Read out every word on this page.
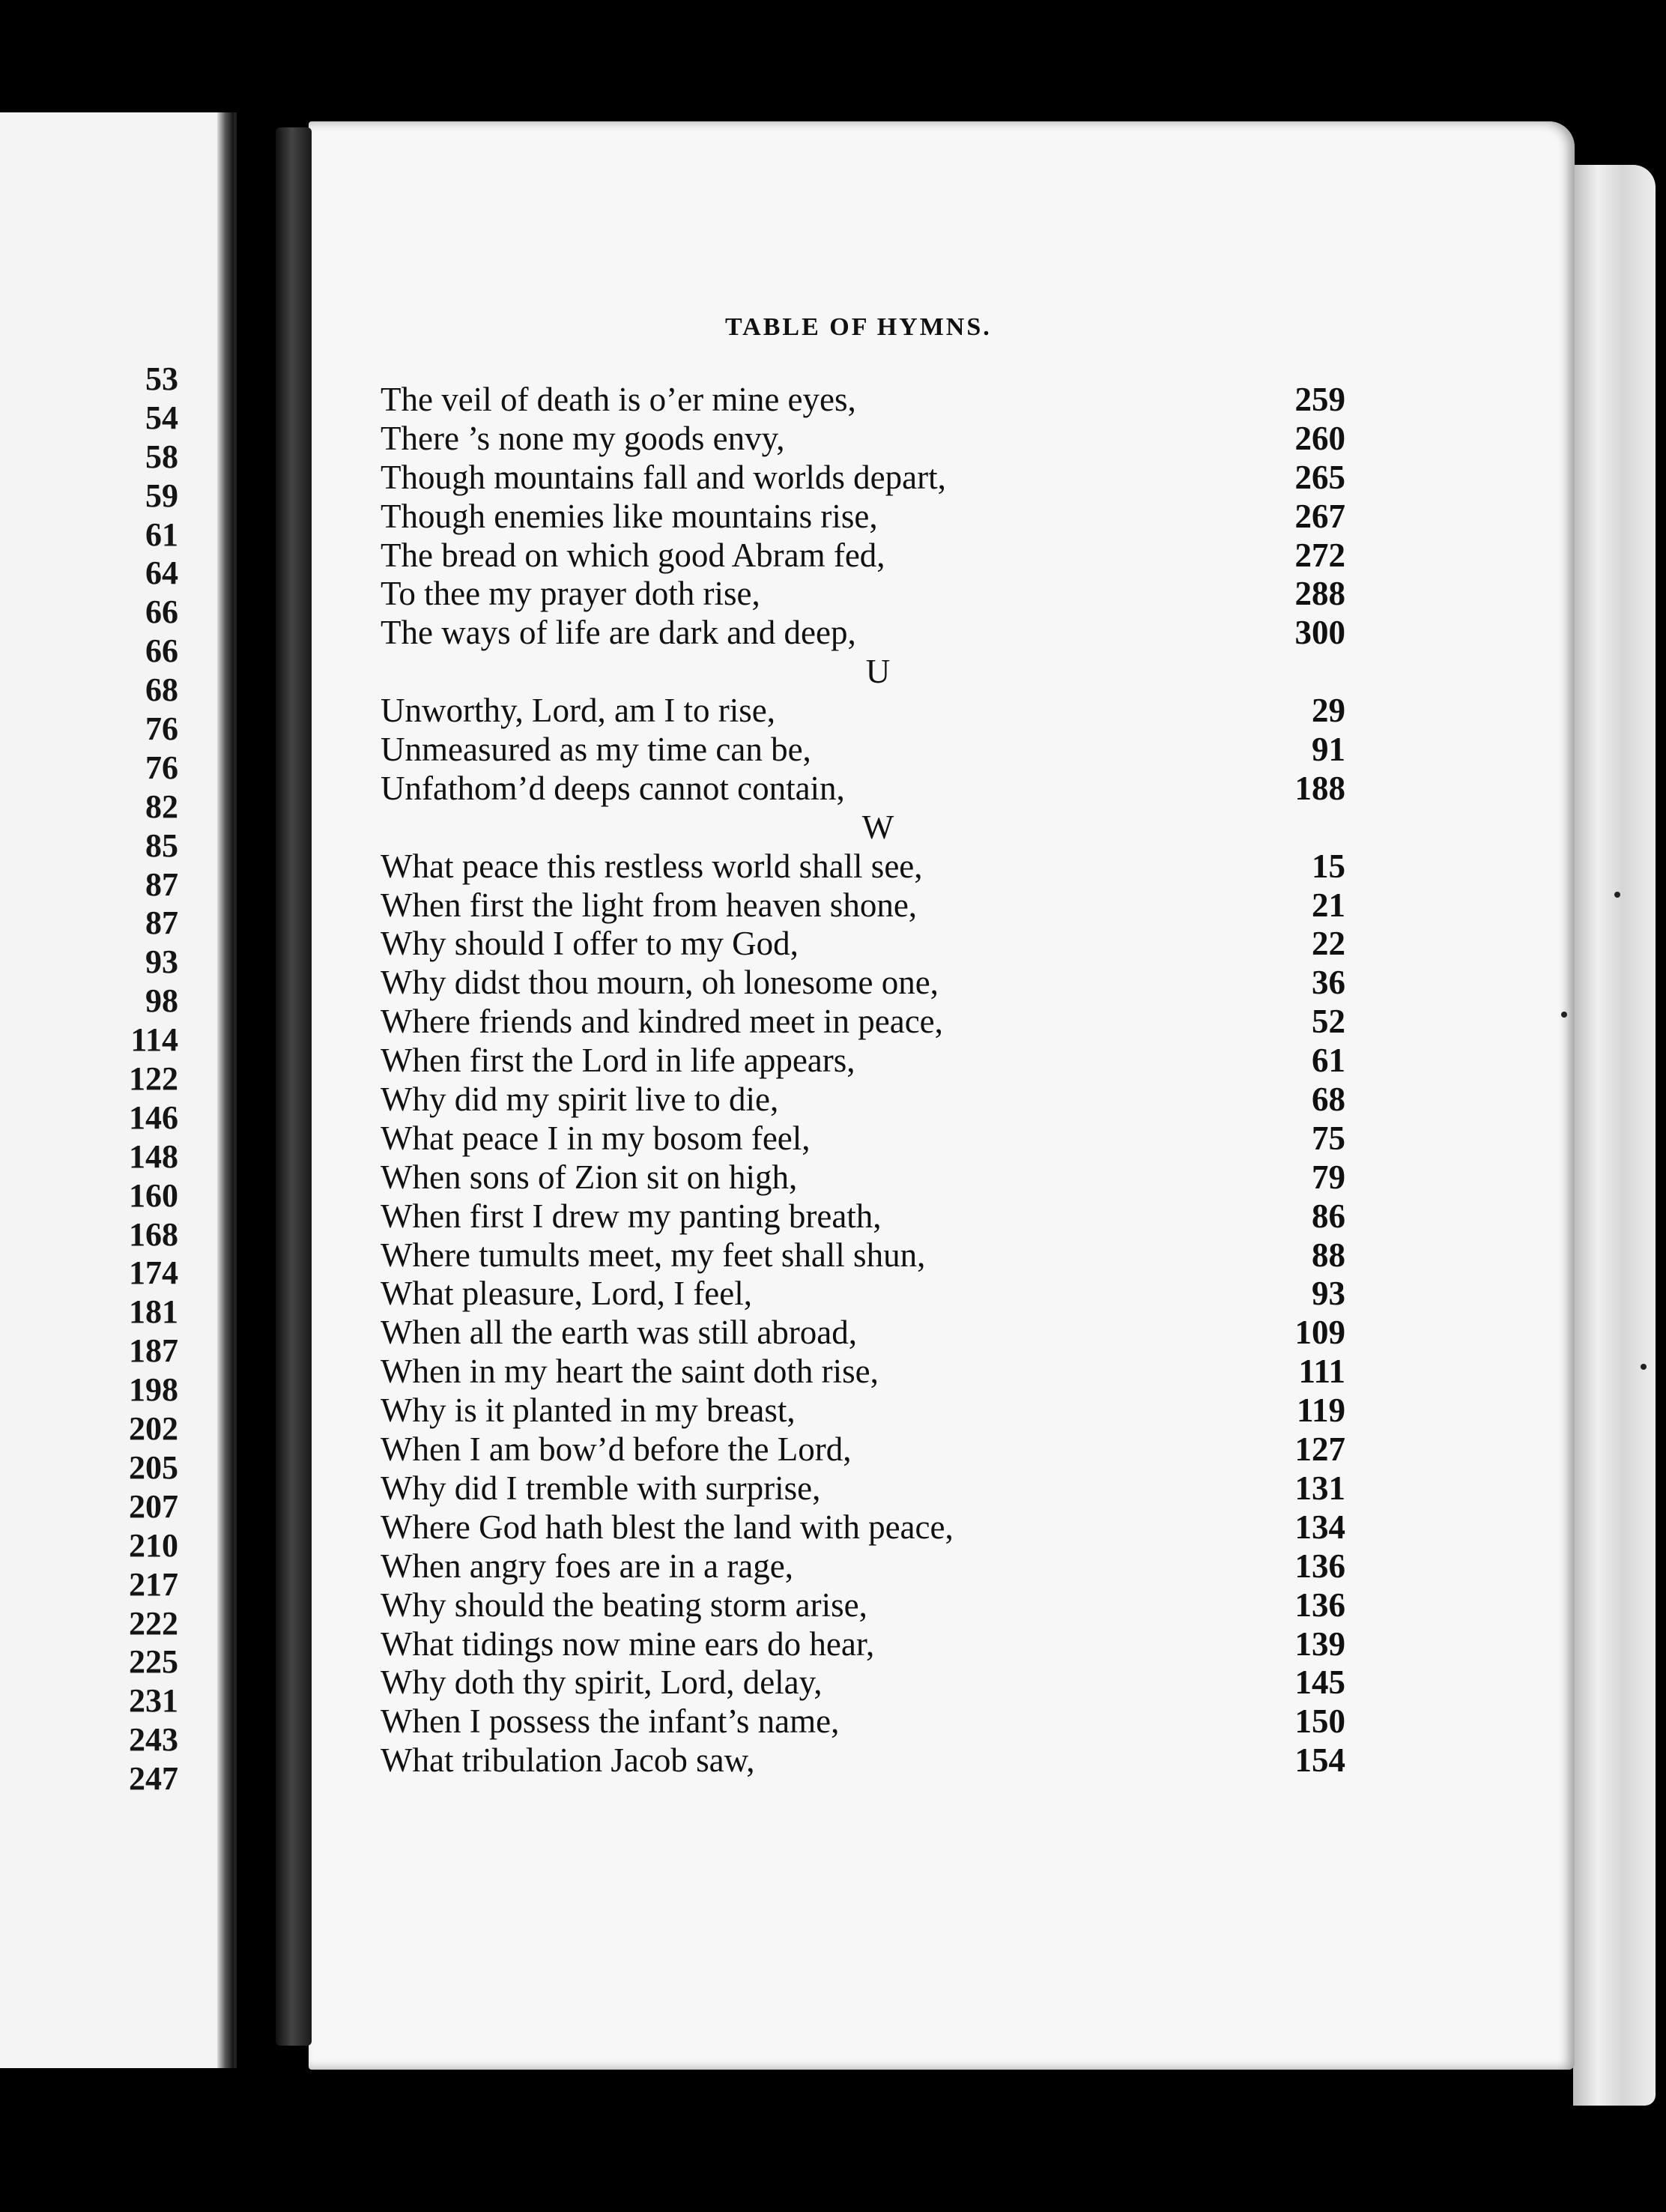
53
54
58
59
61
64
66
66
68
76
76
82
85
87
87
93
98
114
122
146
148
160
168
174
181
187
198
202
205
207
210
217
222
225
231
243
247
TABLE OF HYMNS.
The veil of death is o’er mine eyes,	259
There ’s none my goods envy,	260
Though mountains fall and worlds depart,	265
Though enemies like mountains rise,	267
The bread on which good Abram fed,	272
To thee my prayer doth rise,	288
The ways of life are dark and deep,	300
U
Unworthy, Lord, am I to rise,	29
Unmeasured as my time can be,	91
Unfathom’d deeps cannot contain,	188
W
What peace this restless world shall see,	15
When first the light from heaven shone,	21
Why should I offer to my God,	22
Why didst thou mourn, oh lonesome one,	36
Where friends and kindred meet in peace,	52
When first the Lord in life appears,	61
Why did my spirit live to die,	68
What peace I in my bosom feel,	75
When sons of Zion sit on high,	79
When first I drew my panting breath,	86
Where tumults meet, my feet shall shun,	88
What pleasure, Lord, I feel,	93
When all the earth was still abroad,	109
When in my heart the saint doth rise,	111
Why is it planted in my breast,	119
When I am bow’d before the Lord,	127
Why did I tremble with surprise,	131
Where God hath blest the land with peace,	134
When angry foes are in a rage,	136
Why should the beating storm arise,	136
What tidings now mine ears do hear,	139
Why doth thy spirit, Lord, delay,	145
When I possess the infant’s name,	150
What tribulation Jacob saw,	154
